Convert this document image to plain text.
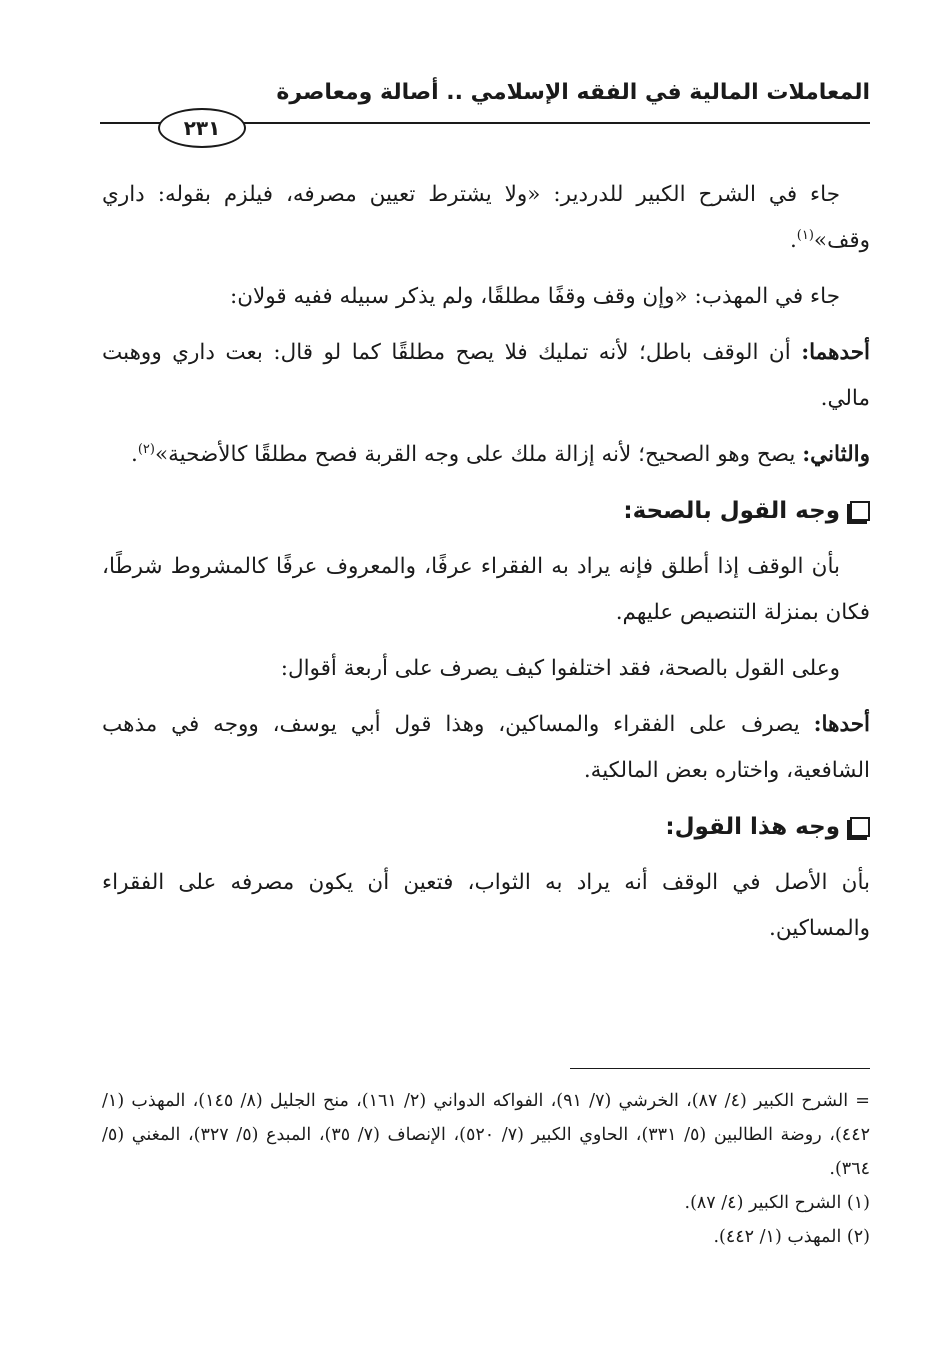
المعاملات المالية في الفقه الإسلامي .. أصالة ومعاصرة
٢٣١

جاء في الشرح الكبير للدردير: «ولا يشترط تعيين مصرفه، فيلزم بقوله: داري وقف»$^{(١)}$.

جاء في المهذب: «وإن وقف وقفًا مطلقًا، ولم يذكر سبيله ففيه قولان:

أحدهما: أن الوقف باطل؛ لأنه تمليك فلا يصح مطلقًا كما لو قال: بعت داري ووهبت مالي.

والثاني: يصح وهو الصحيح؛ لأنه إزالة ملك على وجه القربة فصح مطلقًا كالأضحية»$^{(٢)}$.

وجه القول بالصحة:

بأن الوقف إذا أطلق فإنه يراد به الفقراء عرفًا، والمعروف عرفًا كالمشروط شرطًا، فكان بمنزلة التنصيص عليهم.

وعلى القول بالصحة، فقد اختلفوا كيف يصرف على أربعة أقوال:

أحدها: يصرف على الفقراء والمساكين، وهذا قول أبي يوسف، ووجه في مذهب الشافعية، واختاره بعض المالكية.

وجه هذا القول:

بأن الأصل في الوقف أنه يراد به الثواب، فتعين أن يكون مصرفه على الفقراء والمساكين.

= الشرح الكبير (٤/ ٨٧)، الخرشي (٧/ ٩١)، الفواكه الدواني (٢/ ١٦١)، منح الجليل (٨/ ١٤٥)، المهذب (١/ ٤٤٢)، روضة الطالبين (٥/ ٣٣١)، الحاوي الكبير (٧/ ٥٢٠)، الإنصاف (٧/ ٣٥)، المبدع (٥/ ٣٢٧)، المغني (٥/ ٣٦٤).

(١) الشرح الكبير (٤/ ٨٧).

(٢) المهذب (١/ ٤٤٢).
